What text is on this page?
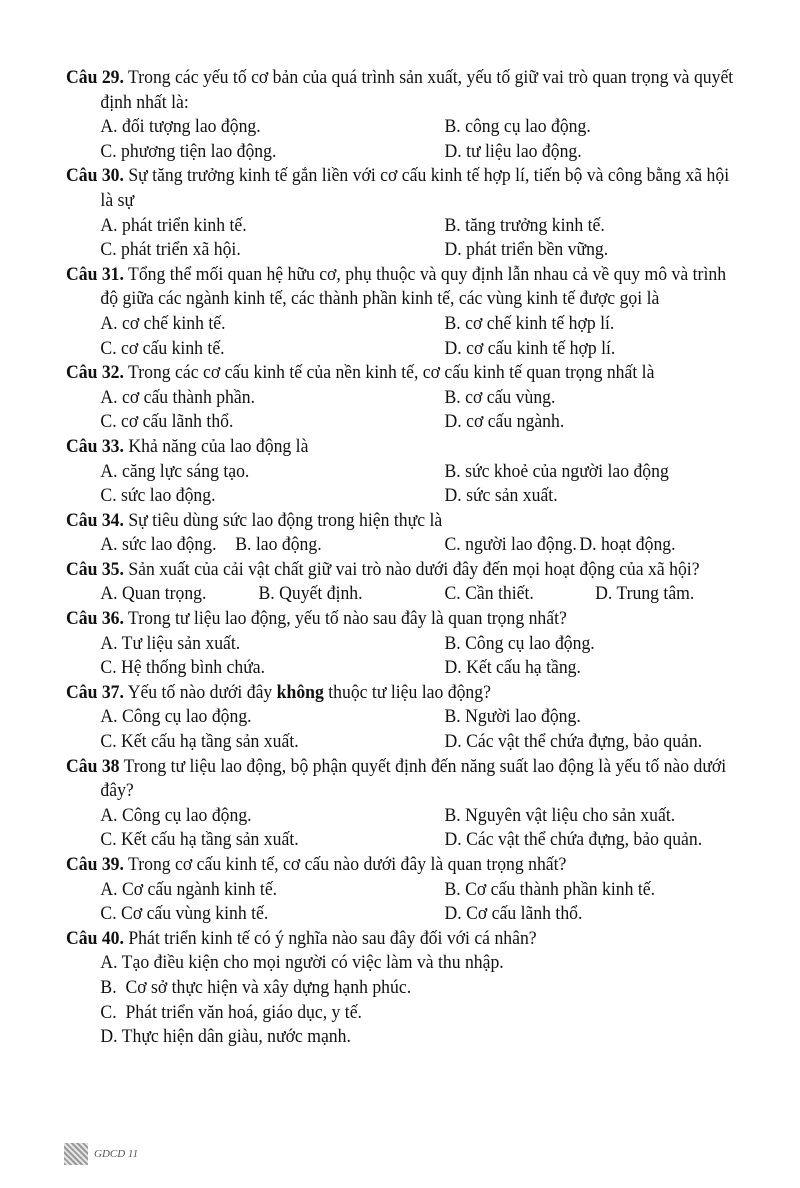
Câu 29. Trong các yếu tố cơ bản của quá trình sản xuất, yếu tố giữ vai trò quan trọng và quyết định nhất là:

A. đối tượng lao động.	B. công cụ lao động.
C. phương tiện lao động.	D. tư liệu lao động.

Câu 30. Sự tăng trưởng kinh tế gắn liền với cơ cấu kinh tế hợp lí, tiến bộ và công bằng xã hội là sự

A. phát triển kinh tế.	B. tăng trưởng kinh tế.
C. phát triển xã hội.	D. phát triển bền vững.

Câu 31. Tổng thể mối quan hệ hữu cơ, phụ thuộc và quy định lẫn nhau cả về quy mô và trình độ giữa các ngành kinh tế, các thành phần kinh tế, các vùng kinh tế được gọi là

A. cơ chế kinh tế.	B. cơ chế kinh tế hợp lí.
C. cơ cấu kinh tế.	D. cơ cấu kinh tế hợp lí.

Câu 32. Trong các cơ cấu kinh tế của nền kinh tế, cơ cấu kinh tế quan trọng nhất là

A. cơ cấu thành phần.	B. cơ cấu vùng.
C. cơ cấu lãnh thổ.	D. cơ cấu ngành.

Câu 33. Khả năng của lao động là

A. căng lực sáng tạo.	B. sức khoẻ của người lao động
C. sức lao động.	D. sức sản xuất.

Câu 34. Sự tiêu dùng sức lao động trong hiện thực là

A. sức lao động. B. lao động.	C. người lao động. D. hoạt động.

Câu 35. Sản xuất của cải vật chất giữ vai trò nào dưới đây đến mọi hoạt động của xã hội?

A. Quan trọng.	B. Quyết định.	C. Cần thiết.	D. Trung tâm.

Câu 36. Trong tư liệu lao động, yếu tố nào sau đây là quan trọng nhất?

A. Tư liệu sản xuất.	B. Công cụ lao động.
C. Hệ thống bình chứa.	D. Kết cấu hạ tầng.

Câu 37. Yếu tố nào dưới đây không thuộc tư liệu lao động?

A. Công cụ lao động.	B. Người lao động.
C. Kết cấu hạ tầng sản xuất.	D. Các vật thể chứa đựng, bảo quản.

Câu 38 Trong tư liệu lao động, bộ phận quyết định đến năng suất lao động là yếu tố nào dưới đây?

A. Công cụ lao động.	B. Nguyên vật liệu cho sản xuất.
C. Kết cấu hạ tầng sản xuất.	D. Các vật thể chứa đựng, bảo quản.

Câu 39. Trong cơ cấu kinh tế, cơ cấu nào dưới đây là quan trọng nhất?

A. Cơ cấu ngành kinh tế.	B. Cơ cấu thành phần kinh tế.
C. Cơ cấu vùng kinh tế.	D. Cơ cấu lãnh thổ.

Câu 40. Phát triển kinh tế có ý nghĩa nào sau đây đối với cá nhân?

A. Tạo điều kiện cho mọi người có việc làm và thu nhập.
B.  Cơ sở thực hiện và xây dựng hạnh phúc.
C.  Phát triển văn hoá, giáo dục, y tế.
D. Thực hiện dân giàu, nước mạnh.
GDCD 11
